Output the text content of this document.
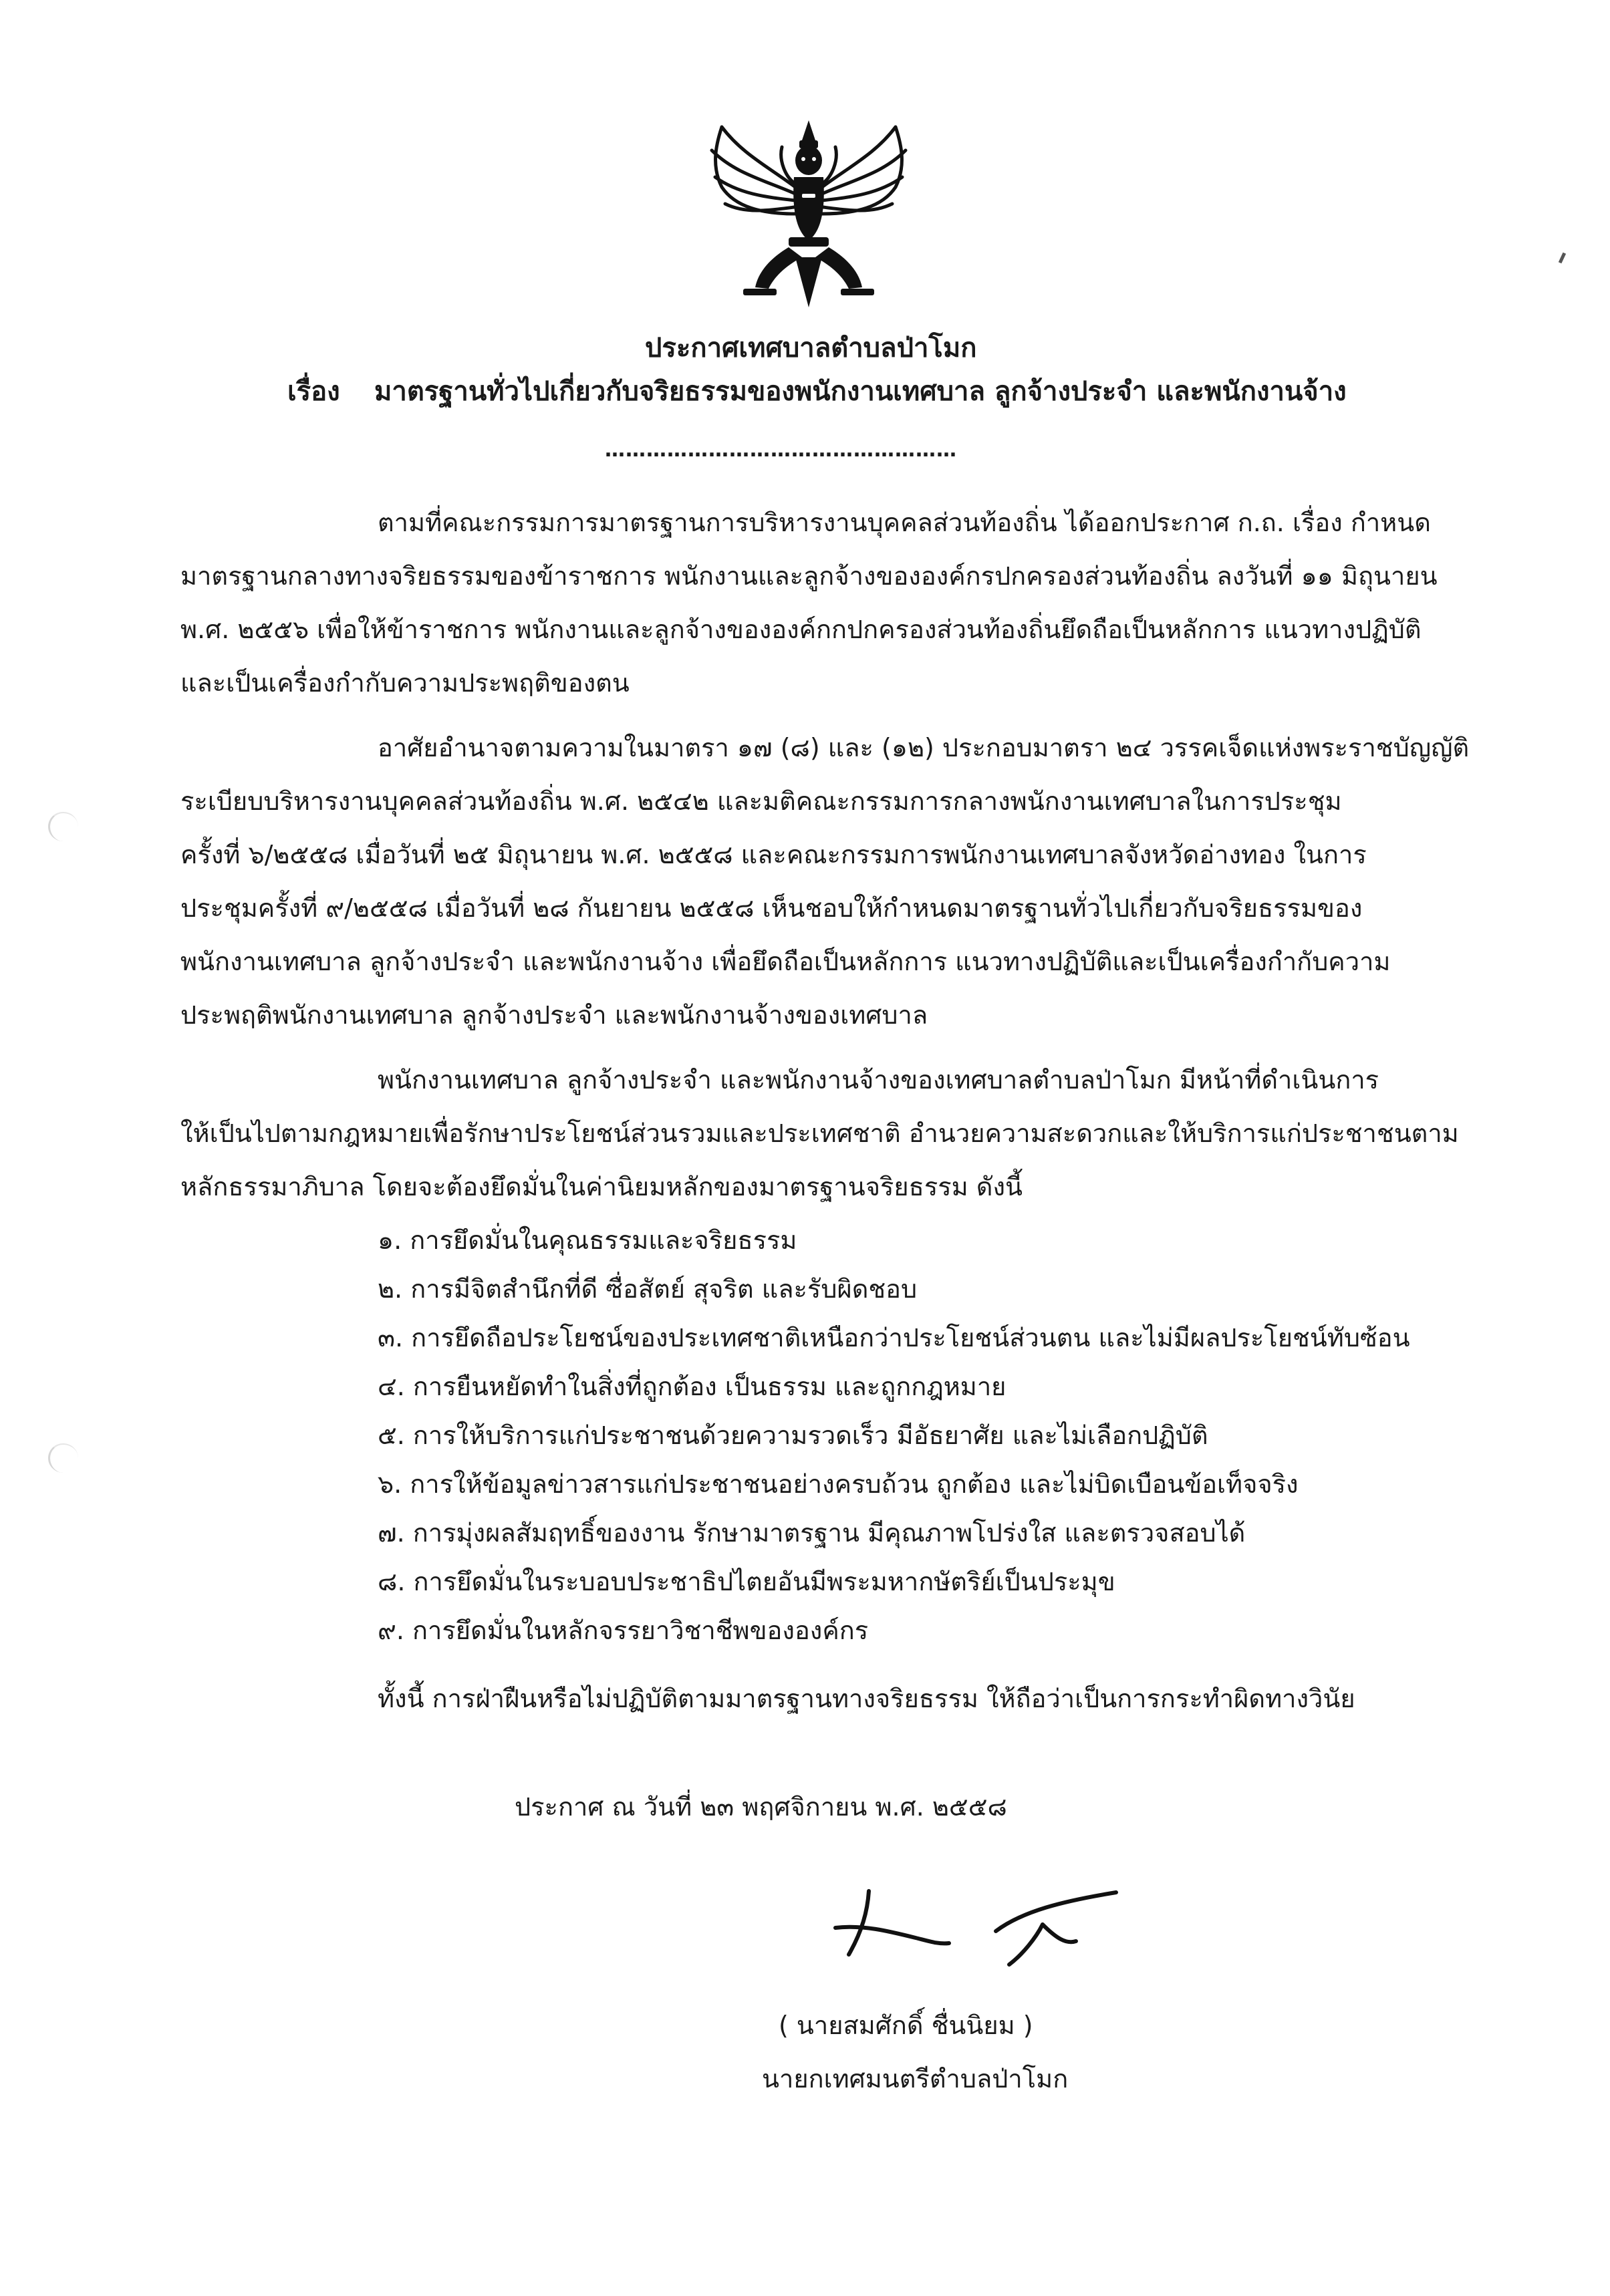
ประกาศเทศบาลตำบลป่าโมก
เรื่อง มาตรฐานทั่วไปเกี่ยวกับจริยธรรมของพนักงานเทศบาล ลูกจ้างประจำ และพนักงานจ้าง
……………………………………………
ตามที่คณะกรรมการมาตรฐานการบริหารงานบุคคลส่วนท้องถิ่น ได้ออกประกาศ ก.ถ. เรื่อง กำหนด
มาตรฐานกลางทางจริยธรรมของข้าราชการ พนักงานและลูกจ้างขององค์กรปกครองส่วนท้องถิ่น ลงวันที่ ๑๑ มิถุนายน
พ.ศ. ๒๕๕๖ เพื่อให้ข้าราชการ พนักงานและลูกจ้างขององค์กกปกครองส่วนท้องถิ่นยึดถือเป็นหลักการ แนวทางปฏิบัติ
และเป็นเครื่องกำกับความประพฤติของตน
อาศัยอำนาจตามความในมาตรา ๑๗ (๘) และ (๑๒) ประกอบมาตรา ๒๔ วรรคเจ็ดแห่งพระราชบัญญัติ
ระเบียบบริหารงานบุคคลส่วนท้องถิ่น พ.ศ. ๒๕๔๒ และมติคณะกรรมการกลางพนักงานเทศบาลในการประชุม
ครั้งที่ ๖/๒๕๕๘ เมื่อวันที่ ๒๕ มิถุนายน พ.ศ. ๒๕๕๘ และคณะกรรมการพนักงานเทศบาลจังหวัดอ่างทอง ในการ
ประชุมครั้งที่ ๙/๒๕๕๘ เมื่อวันที่ ๒๘ กันยายน ๒๕๕๘ เห็นชอบให้กำหนดมาตรฐานทั่วไปเกี่ยวกับจริยธรรมของ
พนักงานเทศบาล ลูกจ้างประจำ และพนักงานจ้าง เพื่อยึดถือเป็นหลักการ แนวทางปฏิบัติและเป็นเครื่องกำกับความ
ประพฤติพนักงานเทศบาล ลูกจ้างประจำ และพนักงานจ้างของเทศบาล
พนักงานเทศบาล ลูกจ้างประจำ และพนักงานจ้างของเทศบาลตำบลป่าโมก มีหน้าที่ดำเนินการ
ให้เป็นไปตามกฎหมายเพื่อรักษาประโยชน์ส่วนรวมและประเทศชาติ อำนวยความสะดวกและให้บริการแก่ประชาชนตาม
หลักธรรมาภิบาล โดยจะต้องยึดมั่นในค่านิยมหลักของมาตรฐานจริยธรรม ดังนี้
๑. การยึดมั่นในคุณธรรมและจริยธรรม
๒. การมีจิตสำนึกที่ดี ซื่อสัตย์ สุจริต และรับผิดชอบ
๓. การยึดถือประโยชน์ของประเทศชาติเหนือกว่าประโยชน์ส่วนตน และไม่มีผลประโยชน์ทับซ้อน
๔. การยืนหยัดทำในสิ่งที่ถูกต้อง เป็นธรรม และถูกกฎหมาย
๕. การให้บริการแก่ประชาชนด้วยความรวดเร็ว มีอัธยาศัย และไม่เลือกปฏิบัติ
๖. การให้ข้อมูลข่าวสารแก่ประชาชนอย่างครบถ้วน ถูกต้อง และไม่บิดเบือนข้อเท็จจริง
๗. การมุ่งผลสัมฤทธิ์ของงาน รักษามาตรฐาน มีคุณภาพโปร่งใส และตรวจสอบได้
๘. การยึดมั่นในระบอบประชาธิปไตยอันมีพระมหากษัตริย์เป็นประมุข
๙. การยึดมั่นในหลักจรรยาวิชาชีพขององค์กร
ทั้งนี้ การฝ่าฝืนหรือไม่ปฏิบัติตามมาตรฐานทางจริยธรรม ให้ถือว่าเป็นการกระทำผิดทางวินัย
ประกาศ ณ วันที่ ๒๓ พฤศจิกายน พ.ศ. ๒๕๕๘
( นายสมศักดิ์ ชื่นนิยม )
นายกเทศมนตรีตำบลป่าโมก
